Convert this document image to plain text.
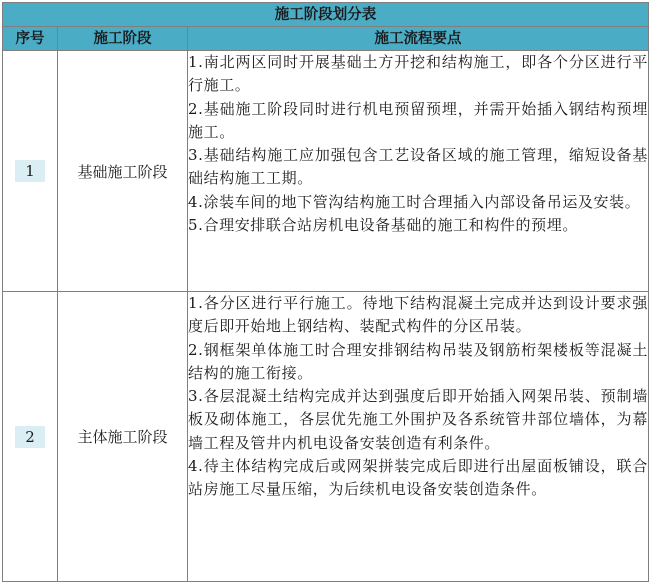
施工阶段划分表		
序号	施工阶段	施工流程要点
1	基础施工阶段	1.南北两区同时开展基础土方开挖和结构施工，即各个分区进行平行施工。

2.基础施工阶段同时进行机电预留预埋，并需开始插入钢结构预埋施工。

3.基础结构施工应加强包含工艺设备区域的施工管理，缩短设备基础结构施工工期。

4.涂装车间的地下管沟结构施工时合理插入内部设备吊运及安装。

5.合理安排联合站房机电设备基础的施工和构件的预埋。

2	主体施工阶段	1.各分区进行平行施工。待地下结构混凝土完成并达到设计要求强度后即开始地上钢结构、装配式构件的分区吊装。

2.钢框架单体施工时合理安排钢结构吊装及钢筋桁架楼板等混凝土结构的施工衔接。

3.各层混凝土结构完成并达到强度后即开始插入网架吊装、预制墙板及砌体施工，各层优先施工外围护及各系统管井部位墙体，为幕墙工程及管井内机电设备安装创造有利条件。

4.待主体结构完成后或网架拼装完成后即进行出屋面板铺设，联合站房施工尽量压缩，为后续机电设备安装创造条件。
